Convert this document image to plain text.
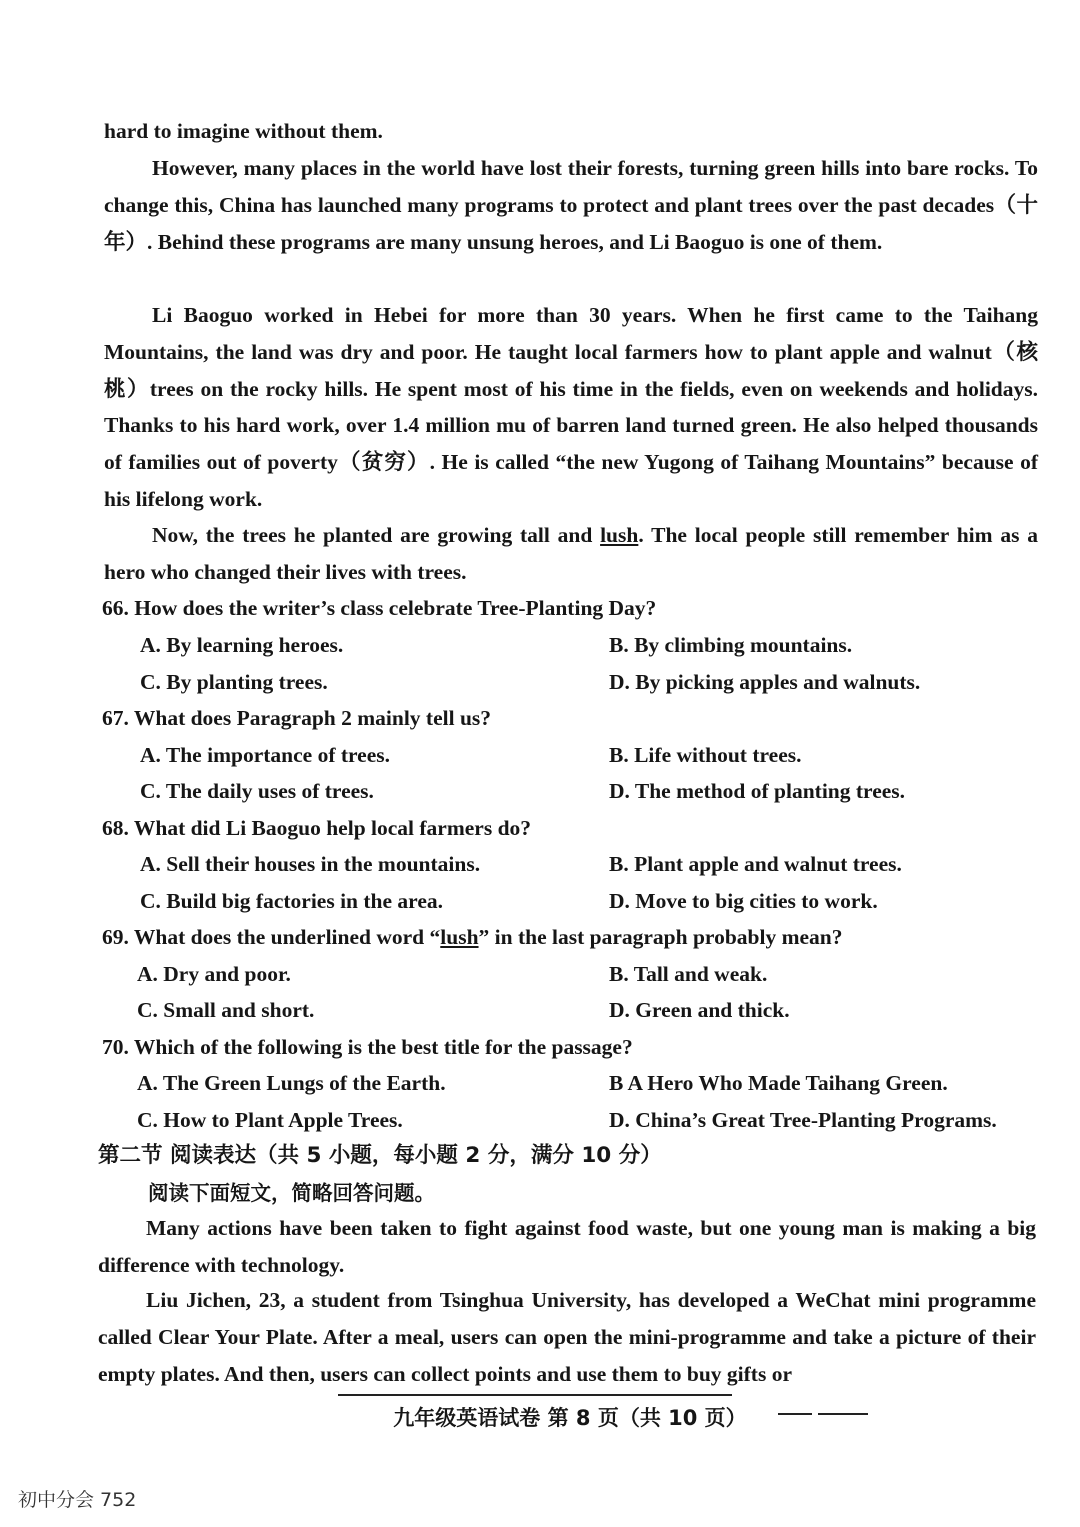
hard to imagine without them.
However, many places in the world have lost their forests, turning green hills into bare rocks. To change this, China has launched many programs to protect and plant trees over the past decades（十年）. Behind these programs are many unsung heroes, and Li Baoguo is one of them.
Li Baoguo worked in Hebei for more than 30 years. When he first came to the Taihang Mountains, the land was dry and poor. He taught local farmers how to plant apple and walnut（核桃）trees on the rocky hills. He spent most of his time in the fields, even on weekends and holidays. Thanks to his hard work, over 1.4 million mu of barren land turned green. He also helped thousands of families out of poverty（贫穷）. He is called “the new Yugong of Taihang Mountains” because of his lifelong work.
Now, the trees he planted are growing tall and lush. The local people still remember him as a hero who changed their lives with trees.
66. How does the writer’s class celebrate Tree-Planting Day?
A. By learning heroes.	B. By climbing mountains.
C. By planting trees.	D. By picking apples and walnuts.
67. What does Paragraph 2 mainly tell us?
A. The importance of trees.	B. Life without trees.
C. The daily uses of trees.	D. The method of planting trees.
68. What did Li Baoguo help local farmers do?
A. Sell their houses in the mountains.	B. Plant apple and walnut trees.
C. Build big factories in the area.	D. Move to big cities to work.
69. What does the underlined word “lush” in the last paragraph probably mean?
A. Dry and poor.	B. Tall and weak.
C. Small and short.	D. Green and thick.
70. Which of the following is the best title for the passage?
A. The Green Lungs of the Earth.	B A Hero Who Made Taihang Green.
C. How to Plant Apple Trees.	D. China’s Great Tree-Planting Programs.
第二节 阅读表达（共 5 小题，每小题 2 分，满分 10 分）
阅读下面短文，简略回答问题。
Many actions have been taken to fight against food waste, but one young man is making a big difference with technology.
Liu Jichen, 23, a student from Tsinghua University, has developed a WeChat mini programme called Clear Your Plate. After a meal, users can open the mini-programme and take a picture of their empty plates. And then, users can collect points and use them to buy gifts or
九年级英语试卷 第 8 页（共 10 页）
初中分会 752
